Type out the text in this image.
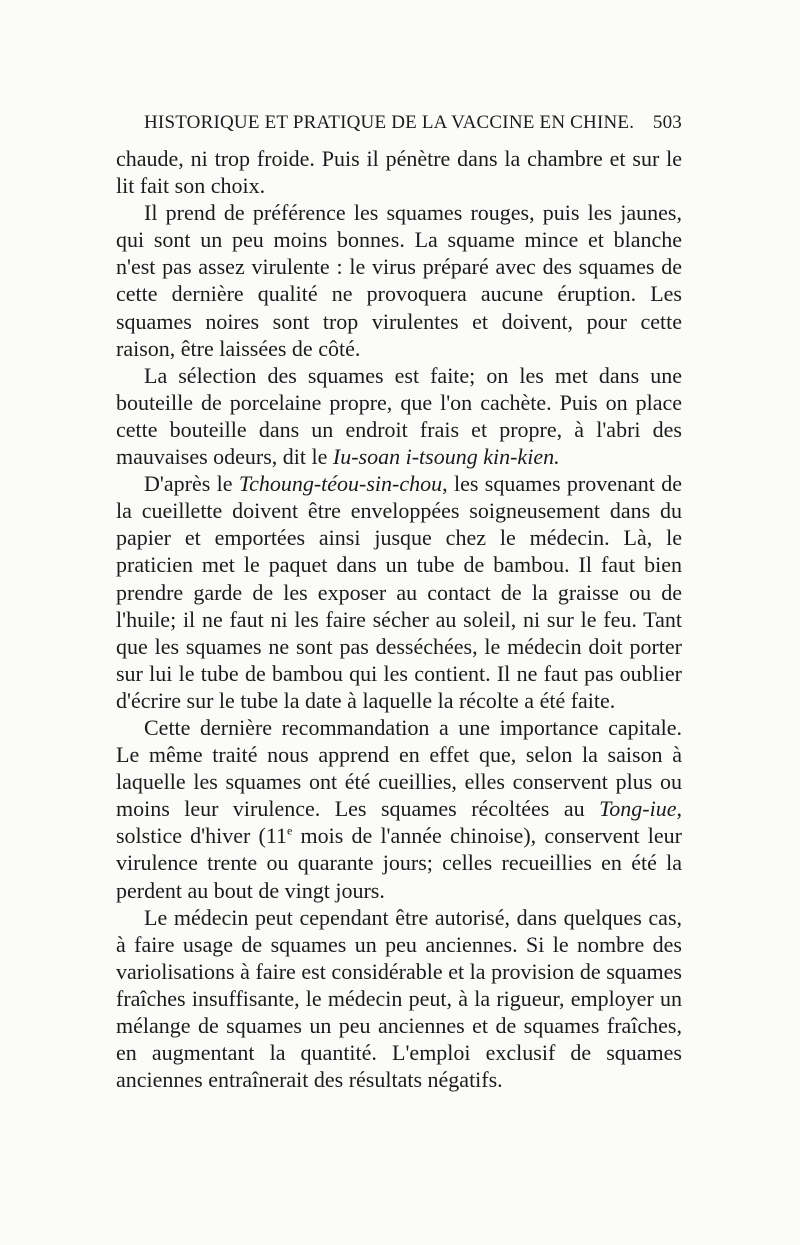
HISTORIQUE ET PRATIQUE DE LA VACCINE EN CHINE. 503

chaude, ni trop froide. Puis il pénètre dans la chambre et sur le lit fait son choix.

Il prend de préférence les squames rouges, puis les jaunes, qui sont un peu moins bonnes. La squame mince et blanche n'est pas assez virulente : le virus préparé avec des squames de cette dernière qualité ne provoquera aucune éruption. Les squames noires sont trop virulentes et doivent, pour cette raison, être laissées de côté.

La sélection des squames est faite; on les met dans une bouteille de porcelaine propre, que l'on cachète. Puis on place cette bouteille dans un endroit frais et propre, à l'abri des mauvaises odeurs, dit le Iu-soan i-tsoung kin-kien.

D'après le Tchoung-téou-sin-chou, les squames provenant de la cueillette doivent être enveloppées soigneusement dans du papier et emportées ainsi jusque chez le médecin. Là, le praticien met le paquet dans un tube de bambou. Il faut bien prendre garde de les exposer au contact de la graisse ou de l'huile; il ne faut ni les faire sécher au soleil, ni sur le feu. Tant que les squames ne sont pas desséchées, le médecin doit porter sur lui le tube de bambou qui les contient. Il ne faut pas oublier d'écrire sur le tube la date à laquelle la récolte a été faite.

Cette dernière recommandation a une importance capitale. Le même traité nous apprend en effet que, selon la saison à laquelle les squames ont été cueillies, elles conservent plus ou moins leur virulence. Les squames récoltées au Tong-iue, solstice d'hiver (11e mois de l'année chinoise), conservent leur virulence trente ou quarante jours; celles recueillies en été la perdent au bout de vingt jours.

Le médecin peut cependant être autorisé, dans quelques cas, à faire usage de squames un peu anciennes. Si le nombre des variolisations à faire est considérable et la provision de squames fraîches insuffisante, le médecin peut, à la rigueur, employer un mélange de squames un peu anciennes et de squames fraîches, en augmentant la quantité. L'emploi exclusif de squames anciennes entraînerait des résultats négatifs.
